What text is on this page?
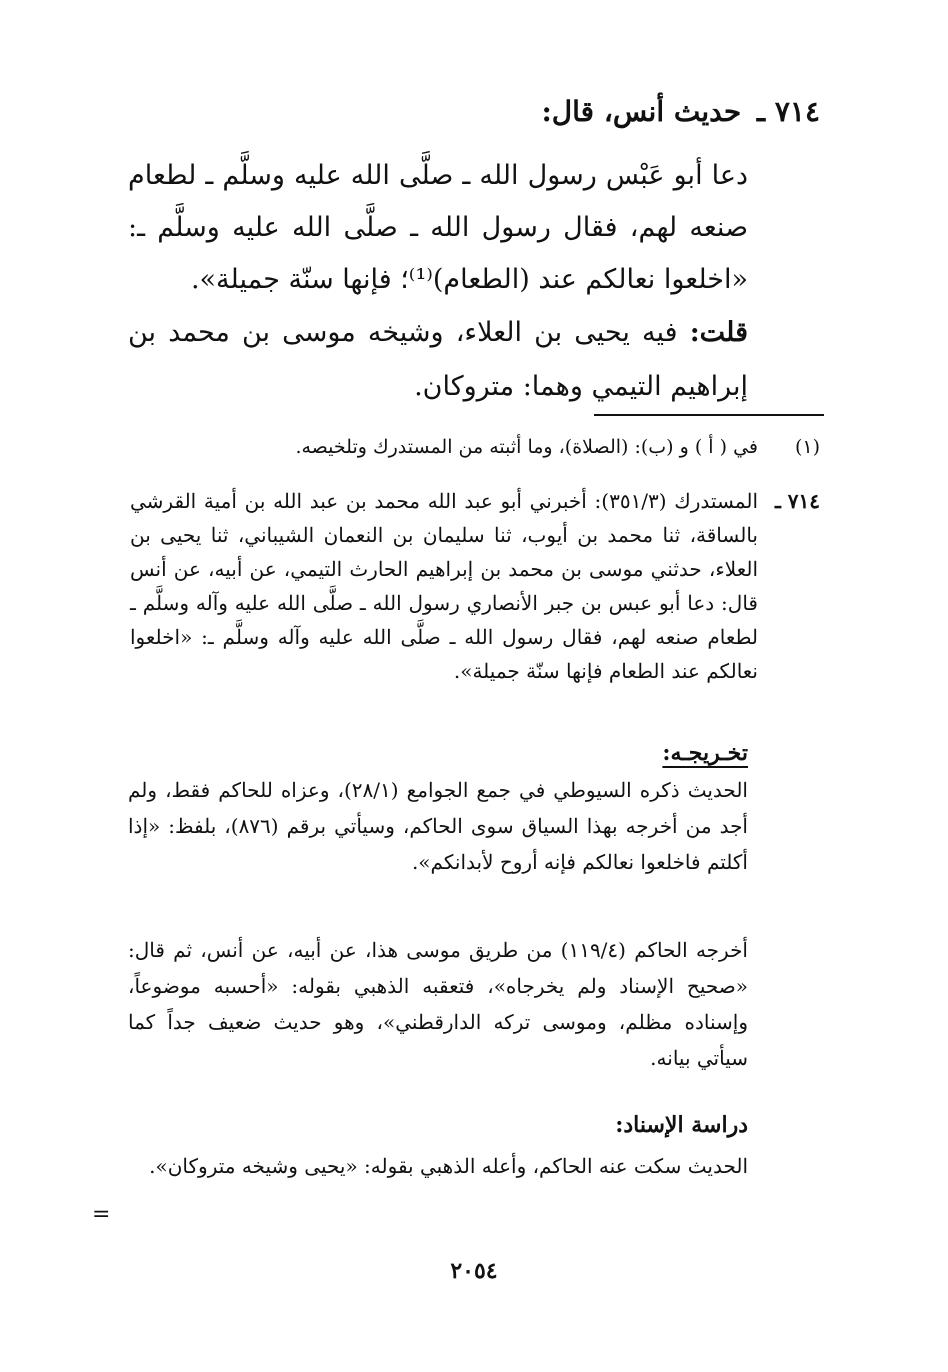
٧١٤ ـ حديث أنس، قال:
دعا أبو عَبْس رسول الله ـ صلَّى الله عليه وسلَّم ـ لطعام صنعه لهم، فقال رسول الله ـ صلَّى الله عليه وسلَّم ـ: «اخلعوا نعالكم عند (الطعام)⁽¹⁾؛ فإنها سنّة جميلة».
قلت: فيه يحيى بن العلاء، وشيخه موسى بن محمد بن إبراهيم التيمي وهما: متروكان.
(١)
في ( أ ) و (ب): (الصلاة)، وما أثبته من المستدرك وتلخيصه.
٧١٤ ـ
المستدرك (٣٥١/٣): أخبرني أبو عبد الله محمد بن عبد الله بن أمية القرشي بالساقة، ثنا محمد بن أيوب، ثنا سليمان بن النعمان الشيباني، ثنا يحيى بن العلاء، حدثني موسى بن محمد بن إبراهيم الحارث التيمي، عن أبيه، عن أنس قال: دعا أبو عبس بن جبر الأنصاري رسول الله ـ صلَّى الله عليه وآله وسلَّم ـ لطعام صنعه لهم، فقال رسول الله ـ صلَّى الله عليه وآله وسلَّم ـ: «اخلعوا نعالكم عند الطعام فإنها سنّة جميلة».
تخـريجـه:
الحديث ذكره السيوطي في جمع الجوامع (٢٨/١)، وعزاه للحاكم فقط، ولم أجد من أخرجه بهذا السياق سوى الحاكم، وسيأتي برقم (٨٧٦)، بلفظ: «إذا أكلتم فاخلعوا نعالكم فإنه أروح لأبدانكم».
أخرجه الحاكم (١١٩/٤) من طريق موسى هذا، عن أبيه، عن أنس، ثم قال: «صحيح الإسناد ولم يخرجاه»، فتعقبه الذهبي بقوله: «أحسبه موضوعاً، وإسناده مظلم، وموسى تركه الدارقطني»، وهو حديث ضعيف جداً كما سيأتي بيانه.
دراسة الإسناد:
الحديث سكت عنه الحاكم، وأعله الذهبي بقوله: «يحيى وشيخه متروكان».
=
٢٠٥٤
